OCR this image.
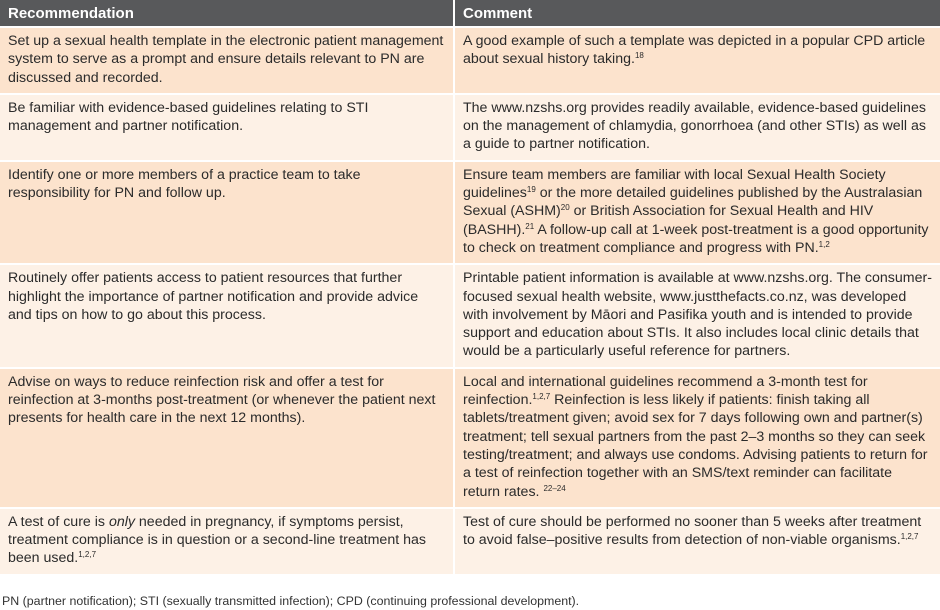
Recommendation	Comment
Set up a sexual health template in the electronic patient management system to serve as a prompt and ensure details relevant to PN are discussed and recorded.	A good example of such a template was depicted in a popular CPD article about sexual history taking.$^{18}$
Be familiar with evidence-based guidelines relating to STI management and partner notification.	The www.nzshs.org provides readily available, evidence-based guidelines on the management of chlamydia, gonorrhoea (and other STIs) as well as a guide to partner notification.
Identify one or more members of a practice team to take responsibility for PN and follow up.	Ensure team members are familiar with local Sexual Health Society guidelines$^{19}$ or the more detailed guidelines published by the Australasian Sexual (ASHM)$^{20}$ or British Association for Sexual Health and HIV (BASHH).$^{21}$ A follow-up call at 1-week post-treatment is a good opportunity to check on treatment compliance and progress with PN.$^{1,2}$
Routinely offer patients access to patient resources that further highlight the importance of partner notification and provide advice and tips on how to go about this process.	Printable patient information is available at www.nzshs.org. The consumer-focused sexual health website, www.justthefacts.co.nz, was developed with involvement by Māori and Pasifika youth and is intended to provide support and education about STIs. It also includes local clinic details that would be a particularly useful reference for partners.
Advise on ways to reduce reinfection risk and offer a test for reinfection at 3-months post-treatment (or whenever the patient next presents for health care in the next 12 months).	Local and international guidelines recommend a 3-month test for reinfection.$^{1,2,7}$ Reinfection is less likely if patients: finish taking all tablets/treatment given; avoid sex for 7 days following own and partner(s) treatment; tell sexual partners from the past 2–3 months so they can seek testing/treatment; and always use condoms. Advising patients to return for a test of reinfection together with an SMS/text reminder can facilitate return rates. $^{22-24}$
A test of cure is only needed in pregnancy, if symptoms persist, treatment compliance is in question or a second-line treatment has been used.$^{1,2,7}$	Test of cure should be performed no sooner than 5 weeks after treatment to avoid false–positive results from detection of non-viable organisms.$^{1,2,7}$
PN (partner notification); STI (sexually transmitted infection); CPD (continuing professional development).
